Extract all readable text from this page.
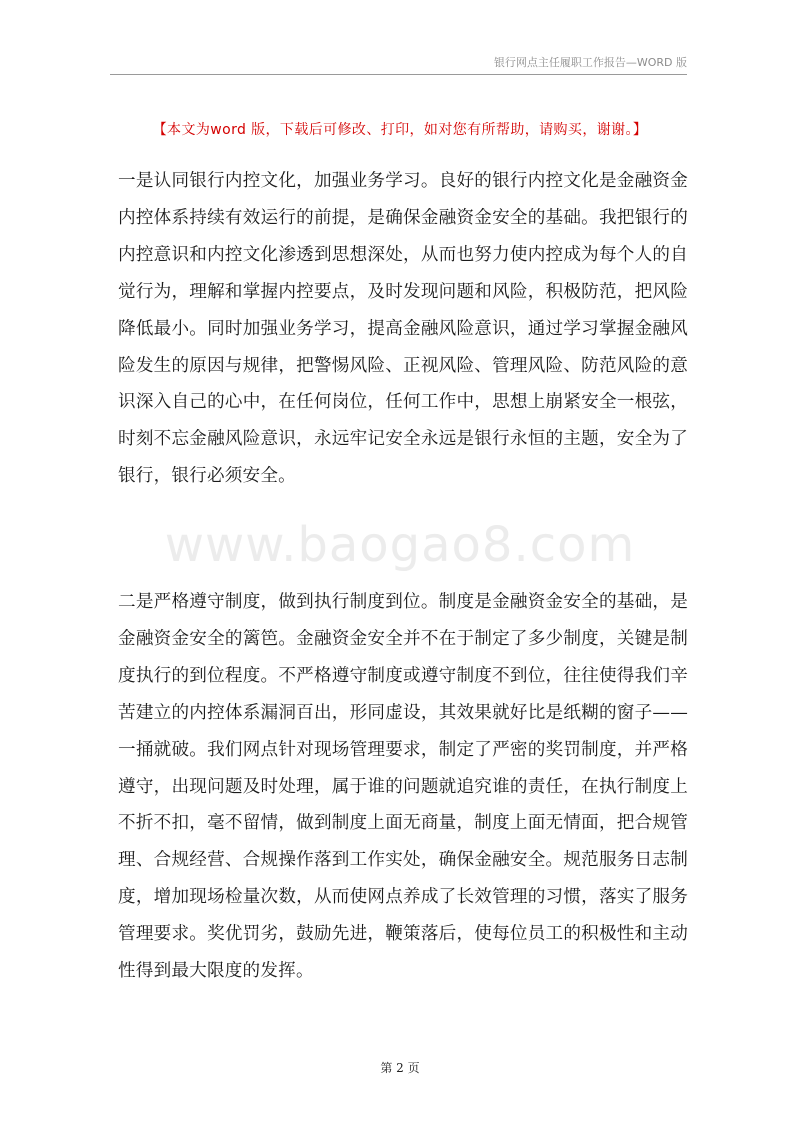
银行网点主任履职工作报告—WORD 版
【本文为word 版，下载后可修改、打印，如对您有所帮助，请购买，谢谢。】

一是认同银行内控文化，加强业务学习。良好的银行内控文化是金融资金内控体系持续有效运行的前提，是确保金融资金安全的基础。我把银行的内控意识和内控文化渗透到思想深处，从而也努力使内控成为每个人的自觉行为，理解和掌握内控要点，及时发现问题和风险，积极防范，把风险降低最小。同时加强业务学习，提高金融风险意识，通过学习掌握金融风险发生的原因与规律，把警惕风险、正视风险、管理风险、防范风险的意识深入自己的心中，在任何岗位，任何工作中，思想上崩紧安全一根弦，时刻不忘金融风险意识，永远牢记安全永远是银行永恒的主题，安全为了银行，银行必须安全。

www.baogao8.com

二是严格遵守制度，做到执行制度到位。制度是金融资金安全的基础，是金融资金安全的篱笆。金融资金安全并不在于制定了多少制度，关键是制度执行的到位程度。不严格遵守制度或遵守制度不到位，往往使得我们辛苦建立的内控体系漏洞百出，形同虚设，其效果就好比是纸糊的窗子——一捅就破。我们网点针对现场管理要求，制定了严密的奖罚制度，并严格遵守，出现问题及时处理，属于谁的问题就追究谁的责任，在执行制度上不折不扣，毫不留情，做到制度上面无商量，制度上面无情面，把合规管理、合规经营、合规操作落到工作实处，确保金融安全。规范服务日志制度，增加现场检量次数，从而使网点养成了长效管理的习惯，落实了服务管理要求。奖优罚劣，鼓励先进，鞭策落后，使每位员工的积极性和主动性得到最大限度的发挥。

第 2 页
